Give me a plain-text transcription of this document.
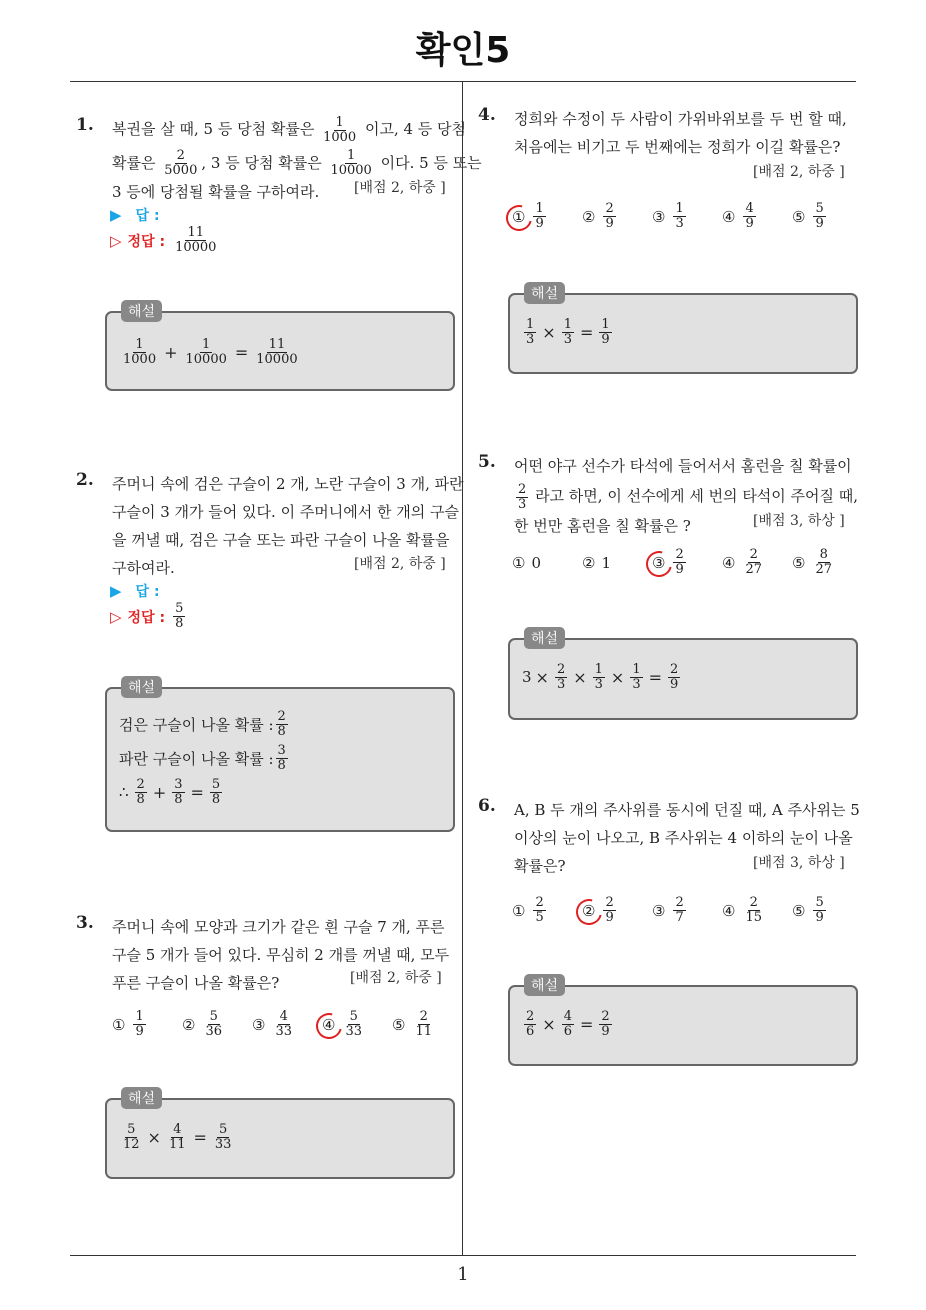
확인5
1
1. 복권을 살 때, 5 등 당첨 확률은 $\frac{1}{1000}$ 이고, 4 등 당첨
확률은 $\frac{2}{5000}$ , 3 등 당첨 확률은 $\frac{1}{10000}$ 이다. 5 등 또는
3 등에 당첨될 확률을 구하여라.	[배점 2, 하중 ]
▶ 답 :
▷ 정답 : $\frac{11}{10000}$
해설
$\frac{1}{1000} + \frac{1}{10000} = \frac{11}{10000}$
2. 주머니 속에 검은 구슬이 2 개, 노란 구슬이 3 개, 파란
구슬이 3 개가 들어 있다. 이 주머니에서 한 개의 구슬
을 꺼낼 때, 검은 구슬 또는 파란 구슬이 나올 확률을
구하여라.	[배점 2, 하중 ]
▶ 답 :
▷ 정답 : $\frac{5}{8}$
해설
검은 구슬이 나올 확률 : $\frac{2}{8}$
파란 구슬이 나올 확률 : $\frac{3}{8}$
∴ $\frac{2}{8} + \frac{3}{8} = \frac{5}{8}$
3. 주머니 속에 모양과 크기가 같은 흰 구슬 7 개, 푸른
구슬 5 개가 들어 있다. 무심히 2 개를 꺼낼 때, 모두
푸른 구슬이 나올 확률은?	[배점 2, 하중 ]
① $\frac{1}{9}$ ② $\frac{5}{36}$ ③ $\frac{4}{33}$ ④ $\frac{5}{33}$ ⑤ $\frac{2}{11}$
해설
$\frac{5}{12} \times \frac{4}{11} = \frac{5}{33}$
4. 정희와 수정이 두 사람이 가위바위보를 두 번 할 때,
처음에는 비기고 두 번째에는 정희가 이길 확률은?
[배점 2, 하중 ]
① $\frac{1}{9}$ ② $\frac{2}{9}$ ③ $\frac{1}{3}$ ④ $\frac{4}{9}$ ⑤ $\frac{5}{9}$
해설
$\frac{1}{3} \times \frac{1}{3} = \frac{1}{9}$
5. 어떤 야구 선수가 타석에 들어서서 홈런을 칠 확률이
$\frac{2}{3}$ 라고 하면, 이 선수에게 세 번의 타석이 주어질 때,
한 번만 홈런을 칠 확률은 ?	[배점 3, 하상 ]
① 0	② 1	③ $\frac{2}{9}$ ④ $\frac{2}{27}$ ⑤ $\frac{8}{27}$
해설
$3 \times \frac{2}{3} \times \frac{1}{3} \times \frac{1}{3} = \frac{2}{9}$
6. A, B 두 개의 주사위를 동시에 던질 때, A 주사위는 5
이상의 눈이 나오고, B 주사위는 4 이하의 눈이 나올
확률은?	[배점 3, 하상 ]
① $\frac{2}{5}$ ② $\frac{2}{9}$ ③ $\frac{2}{7}$ ④ $\frac{2}{15}$ ⑤ $\frac{5}{9}$
해설
$\frac{2}{6} \times \frac{4}{6} = \frac{2}{9}$
